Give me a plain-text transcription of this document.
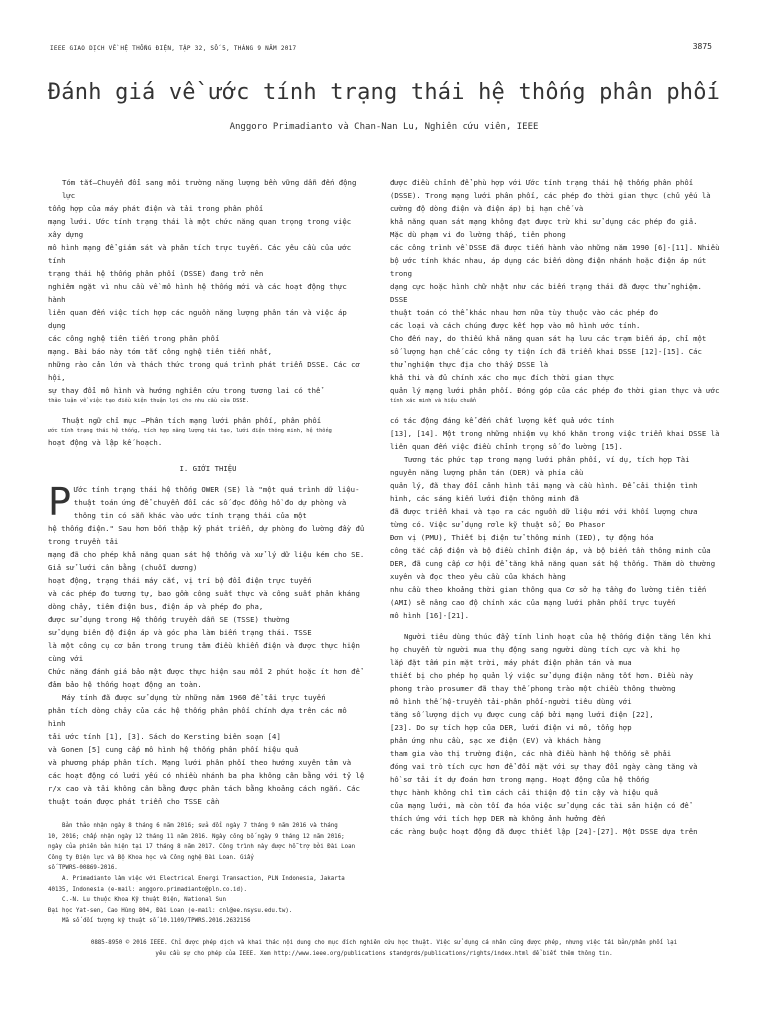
IEEE GIAO DỊCH VỀ HỆ THỐNG ĐIỆN, TẬP 32, SỐ 5, THÁNG 9 NĂM 2017	3875
Đánh giá về ước tính trạng thái hệ thống phân phối
Anggoro Primadianto và Chan-Nan Lu, Nghiên cứu viên, IEEE

Tóm tắt—Chuyển đổi sang môi trường năng lượng bền vững dẫn đến động lực

tổng hợp của máy phát điện và tải trong phân phối

mạng lưới. Ước tính trạng thái là một chức năng quan trọng trong việc xây dựng

mô hình mạng để giám sát và phân tích trực tuyến. Các yêu cầu của ước tính

trạng thái hệ thống phân phối (DSSE) đang trở nên

nghiêm ngặt vì nhu cầu về mô hình hệ thống mới và các hoạt động thực hành

liên quan đến việc tích hợp các nguồn năng lượng phân tán và việc áp dụng

các công nghệ tiên tiến trong phân phối

mạng. Bài báo này tóm tắt công nghệ tiên tiến nhất,

những rào cản lớn và thách thức trong quá trình phát triển DSSE. Các cơ hội,

sự thay đổi mô hình và hướng nghiên cứu trong tương lai có thể

thảo luận về việc tạo điều kiện thuận lợi cho nhu cầu của DSSE.

Thuật ngữ chỉ mục —Phân tích mạng lưới phân phối, phân phối

ước tính trạng thái hệ thống, tích hợp năng lượng tái tạo, lưới điện thông minh, hệ thống

hoạt động và lập kế hoạch.

I. GIỚI THIỆU

P Ước tính trạng thái hệ thống OWER (SE) là "một quá trình dữ liệu-

thuật toán ứng để chuyển đổi các số đọc đồng hồ đo dự phòng và

thông tin có sẵn khác vào ước tính trạng thái của một

hệ thống điện." Sau hơn bốn thập kỷ phát triển, dự phòng đo lường đầy đủ

trong truyền tải

mạng đã cho phép khả năng quan sát hệ thống và xử lý dữ liệu kém cho SE.

Giả sử lưới cân bằng (chuỗi dương)

hoạt động, trạng thái máy cắt, vị trí bộ đổi điện trực tuyến

và các phép đo tương tự, bao gồm công suất thực và công suất phản kháng

dòng chảy, tiêm điện bus, điện áp và phép đo pha,

được sử dụng trong Hệ thống truyền dẫn SE (TSSE) thường

sử dụng biên độ điện áp và góc pha làm biến trạng thái. TSSE

là một công cụ cơ bản trong trung tâm điều khiển điện và được thực hiện cùng với

Chức năng đánh giá bảo mật được thực hiện sau mỗi 2 phút hoặc ít hơn để

đảm bảo hệ thống hoạt động an toàn.

Máy tính đã được sử dụng từ những năm 1960 để tải trực tuyến

phân tích dòng chảy của các hệ thống phân phối chính dựa trên các mô hình

tải ước tính [1], [3]. Sách do Kersting biên soạn [4]

và Gonen [5] cung cấp mô hình hệ thống phân phối hiệu quả

và phương pháp phân tích. Mạng lưới phân phối theo hướng xuyên tâm và

các hoạt động có lưới yếu có nhiều nhánh ba pha không cân bằng với tỷ lệ

r/x cao và tải không cân bằng được phân tách bằng khoảng cách ngắn. Các

thuật toán được phát triển cho TSSE cần

Bản thảo nhận ngày 8 tháng 6 năm 2016; sửa đổi ngày 7 tháng 9 năm 2016 và tháng

10, 2016; chấp nhận ngày 12 tháng 11 năm 2016. Ngày công bố ngày 9 tháng 12 năm 2016;

ngày của phiên bản hiện tại 17 tháng 8 năm 2017. Công trình này được hỗ trợ bởi Đài Loan

Công ty Điện lực và Bộ Khoa học và Công nghệ Đài Loan. Giấy

số TPWRS-00869-2016.

A. Primadianto làm việc với Electrical Energi Transaction, PLN Indonesia, Jakarta

40135, Indonesia (e-mail: anggoro.primadianto@pln.co.id).

C.-N. Lu thuộc Khoa Kỹ thuật Điện, National Sun

Đại học Yat-sen, Cao Hùng 804, Đài Loan (e-mail: cnl@ee.nsysu.edu.tw).

Mã số đối tượng kỹ thuật số 10.1109/TPWRS.2016.2632156

được điều chỉnh để phù hợp với Ước tính trạng thái hệ thống phân phối

(DSSE). Trong mạng lưới phân phối, các phép đo thời gian thực (chủ yếu là

cường độ dòng điện và điện áp) bị hạn chế và

khả năng quan sát mạng không đạt được trừ khi sử dụng các phép đo giả.

Mặc dù phạm vi đo lường thấp, tiên phong

các công trình về DSSE đã được tiến hành vào những năm 1990 [6]-[11]. Nhiều

bộ ước tính khác nhau, áp dụng các biến dòng điện nhánh hoặc điện áp nút trong

dạng cực hoặc hình chữ nhật như các biến trạng thái đã được thử nghiệm. DSSE

thuật toán có thể khác nhau hơn nữa tùy thuộc vào các phép đo

các loại và cách chúng được kết hợp vào mô hình ước tính.

Cho đến nay, do thiếu khả năng quan sát hạ lưu các trạm biến áp, chỉ một

số lượng hạn chế các công ty tiện ích đã triển khai DSSE [12]-[15]. Các

thử nghiệm thực địa cho thấy DSSE là

khả thi và đủ chính xác cho mục đích thời gian thực

quản lý mạng lưới phân phối. Đóng góp của các phép đo thời gian thực và ước

tính xác minh và hiệu chuẩn

có tác động đáng kể đến chất lượng kết quả ước tính

[13], [14]. Một trong những nhiệm vụ khó khăn trong việc triển khai DSSE là

liên quan đến việc điều chỉnh trọng số đo lường [15].

Tương tác phức tạp trong mạng lưới phân phối, ví dụ, tích hợp Tài

nguyên năng lượng phân tán (DER) và phía cầu

quản lý, đã thay đổi cảnh hình tải mạng và cầu hình. Để cải thiện tình

hình, các sáng kiến lưới điện thông minh đã

đã được triển khai và tạo ra các nguồn dữ liệu mới với khối lượng chưa

từng có. Việc sử dụng rơle kỹ thuật số, Đo Phasor

Đơn vị (PMU), Thiết bị điện tử thông minh (IED), tự động hóa

công tắc cấp điện và bộ điều chỉnh điện áp, và bộ biến tần thông minh của

DER, đã cung cấp cơ hội để tăng khả năng quan sát hệ thống. Thăm dò thường

xuyên và đọc theo yêu cầu của khách hàng

nhu cầu theo khoảng thời gian thông qua Cơ sở hạ tầng đo lường tiên tiến

(AMI) sẽ nâng cao độ chính xác của mạng lưới phân phối trực tuyến

mô hình [16]-[21].

Người tiêu dùng thúc đẩy tính linh hoạt của hệ thống điện tăng lên khi

họ chuyển từ người mua thụ động sang người dùng tích cực và khi họ

lắp đặt tấm pin mặt trời, máy phát điện phân tán và mua

thiết bị cho phép họ quản lý việc sử dụng điện năng tốt hơn. Điều này

phong trào prosumer đã thay thế phong trào một chiều thông thường

mô hình thế hệ-truyền tải-phân phối-người tiêu dùng với

tăng số lượng dịch vụ được cung cấp bởi mạng lưới điện [22],

[23]. Do sự tích hợp của DER, lưới điện vi mô, tổng hợp

phản ứng nhu cầu, sạc xe điện (EV) và khách hàng

tham gia vào thị trường điện, các nhà điều hành hệ thống sẽ phải

đóng vai trò tích cực hơn để đối mặt với sự thay đổi ngày càng tăng và

hồ sơ tải ít dự đoán hơn trong mạng. Hoạt động của hệ thống

thực hành không chỉ tìm cách cải thiện độ tin cậy và hiệu quả

của mạng lưới, mà còn tối đa hóa việc sử dụng các tài sản hiện có để

thích ứng với tích hợp DER mà không ảnh hưởng đến

các ràng buộc hoạt động đã được thiết lập [24]-[27]. Một DSSE dựa trên

0885-8950 © 2016 IEEE. Chỉ được phép dịch và khai thác nội dung cho mục đích nghiên cứu học thuật. Việc sử dụng cá nhân cũng được phép, nhưng việc tái bản/phân phối lại
yêu cầu sự cho phép của IEEE. Xem http://www.ieee.org/publications standgrds/publications/rights/index.html để biết thêm thông tin.
